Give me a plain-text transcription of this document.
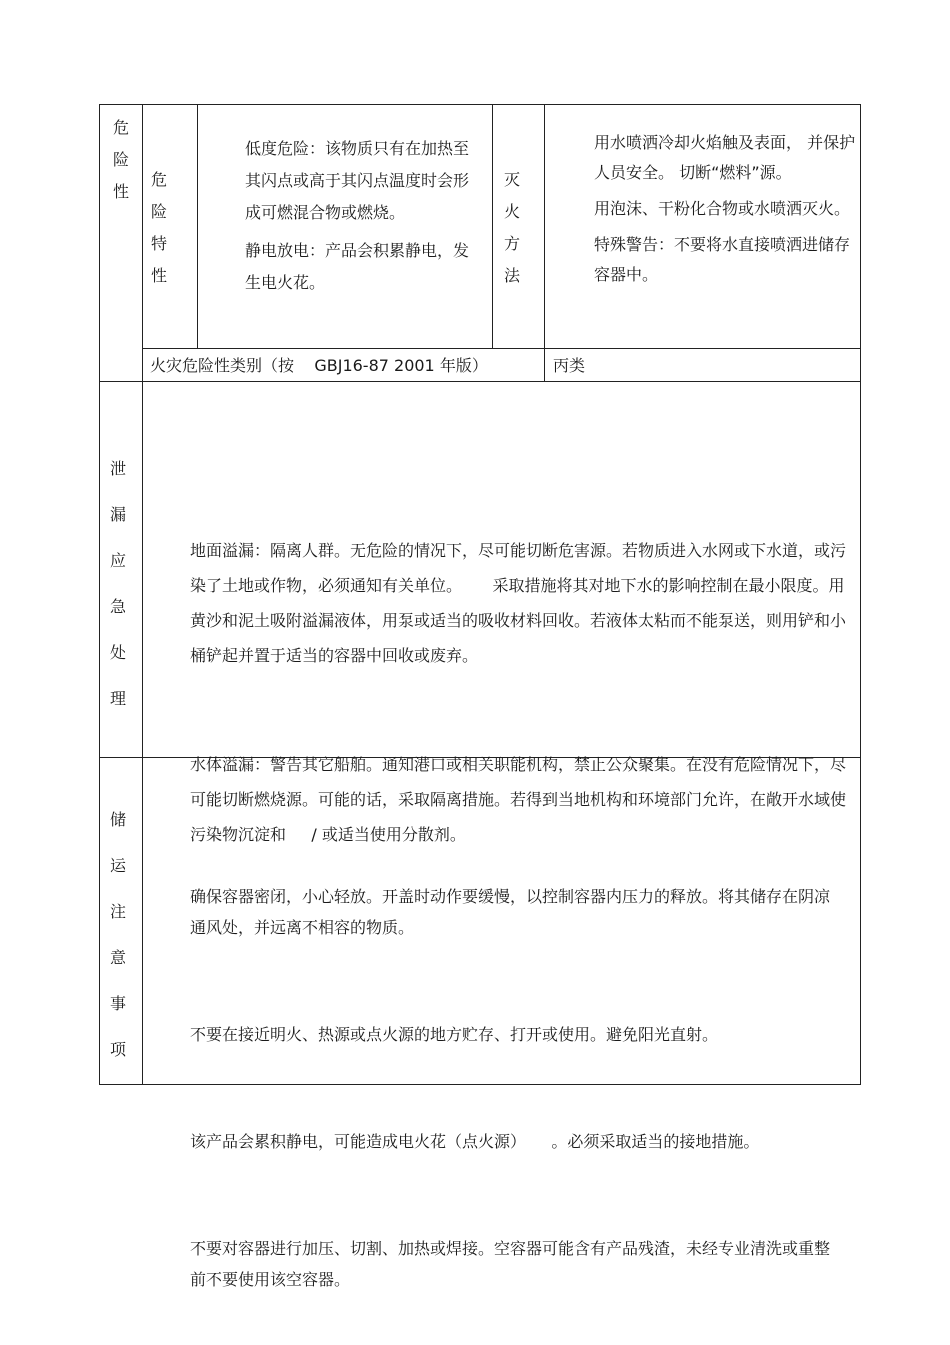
危
险
性
危
险
特
性

低度危险：该物质只有在加热至其闪点或高于其闪点温度时会形成可燃混合物或燃烧。

静电放电：产品会积累静电，发生电火花。

灭
火
方
法

用水喷洒冷却火焰触及表面， 并保护人员安全。 切断“燃料”源。

用泡沫、干粉化合物或水喷洒灭火。

特殊警告：不要将水直接喷洒进储存容器中。

火灾危险性类别（按    GBJ16-87 2001 年版）	丙类
泄
漏
应
急
处
理

地面溢漏：隔离人群。无危险的情况下，尽可能切断危害源。若物质进入水网或下水道，或污染了土地或作物，必须通知有关单位。      采取措施将其对地下水的影响控制在最小限度。用黄沙和泥土吸附溢漏液体，用泵或适当的吸收材料回收。若液体太粘而不能泵送，则用铲和小桶铲起并置于适当的容器中回收或废弃。

水体溢漏：警告其它船舶。通知港口或相关职能机构，禁止公众聚集。在没有危险情况下，尽可能切断燃烧源。可能的话，采取隔离措施。若得到当地机构和环境部门允许，在敞开水域使污染物沉淀和     / 或适当使用分散剂。

储
运
注
意
事
项

确保容器密闭，小心轻放。开盖时动作要缓慢，以控制容器内压力的释放。将其储存在阴凉通风处，并远离不相容的物质。

不要在接近明火、热源或点火源的地方贮存、打开或使用。避免阳光直射。

该产品会累积静电，可能造成电火花（点火源）     。必须采取适当的接地措施。

不要对容器进行加压、切割、加热或焊接。空容器可能含有产品残渣，未经专业清洗或重整前不要使用该空容器。
